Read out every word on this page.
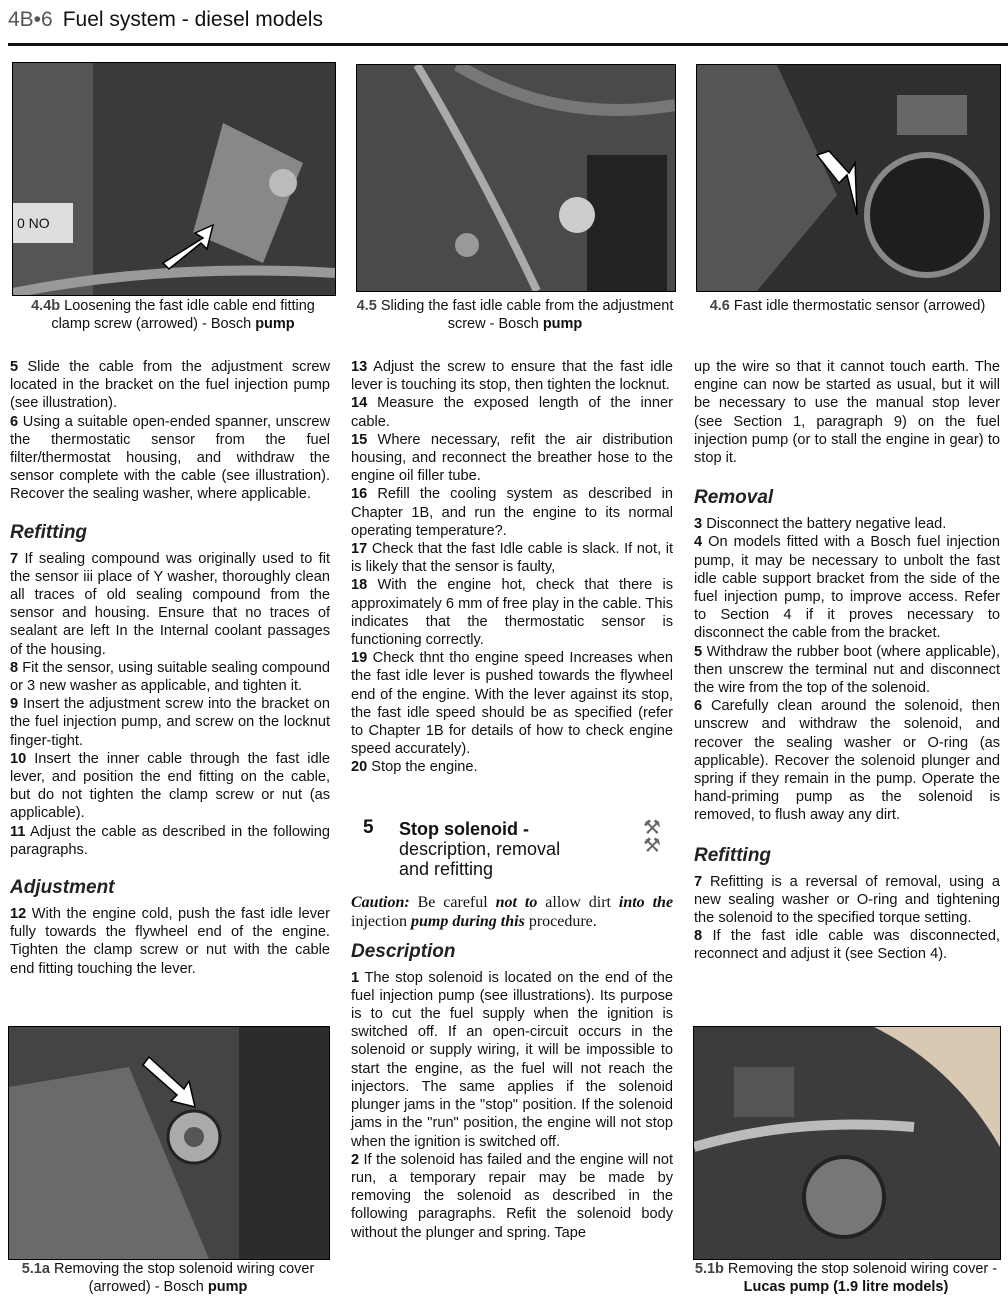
4B•6 Fuel system - diesel models
0 NO
4.4b Loosening the fast idle cable end fitting clamp screw (arrowed) - Bosch pump
4.5 Sliding the fast idle cable from the adjustment screw - Bosch pump
4.6 Fast idle thermostatic sensor (arrowed)

5 Slide the cable from the adjustment screw located in the bracket on the fuel injection pump (see illustration).

6 Using a suitable open-ended spanner, unscrew the thermostatic sensor from the fuel filter/thermostat housing, and withdraw the sensor complete with the cable (see illustration). Recover the sealing washer, where applicable.

Refitting

7 If sealing compound was originally used to fit the sensor iii place of Y washer, thoroughly clean all traces of old sealing compound from the sensor and housing. Ensure that no traces of sealant are left In the Internal coolant passages of the housing.

8 Fit the sensor, using suitable sealing compound or 3 new washer as applicable, and tighten it.

9 Insert the adjustment screw into the bracket on the fuel injection pump, and screw on the locknut finger-tight.

10 Insert the inner cable through the fast idle lever, and position the end fitting on the cable, but do not tighten the clamp screw or nut (as applicable).

11 Adjust the cable as described in the following paragraphs.

Adjustment

12 With the engine cold, push the fast idle lever fully towards the flywheel end of the engine. Tighten the clamp screw or nut with the cable end fitting touching the lever.

13 Adjust the screw to ensure that the fast idle lever is touching its stop, then tighten the locknut.

14 Measure the exposed length of the inner cable.

15 Where necessary, refit the air distribution housing, and reconnect the breather hose to the engine oil filler tube.

16 Refill the cooling system as described in Chapter 1B, and run the engine to its normal operating temperature?.

17 Check that the fast Idle cable is slack. If not, it is likely that the sensor is faulty,

18 With the engine hot, check that there is approximately 6 mm of free play in the cable. This indicates that the thermostatic sensor is functioning correctly.

19 Check thnt tho engine speed Increases when the fast idle lever is pushed towards the flywheel end of the engine. With the lever against its stop, the fast idle speed should be as specified (refer to Chapter 1B for details of how to check engine speed accurately).

20 Stop the engine.

5	Stop solenoid -
description, removal
and refitting
⚒
⚒
Caution: Be careful not to allow dirt into the injection pump during this procedure.
Description

1 The stop solenoid is located on the end of the fuel injection pump (see illustrations). Its purpose is to cut the fuel supply when the ignition is switched off. If an open-circuit occurs in the solenoid or supply wiring, it will be impossible to start the engine, as the fuel will not reach the injectors. The same applies if the solenoid plunger jams in the "stop" position. If the solenoid jams in the "run" position, the engine will not stop when the ignition is switched off.

2 If the solenoid has failed and the engine will not run, a temporary repair may be made by removing the solenoid as described in the following paragraphs. Refit the solenoid body without the plunger and spring. Tape

up the wire so that it cannot touch earth. The engine can now be started as usual, but it will be necessary to use the manual stop lever (see Section 1, paragraph 9) on the fuel injection pump (or to stall the engine in gear) to stop it.

Removal

3 Disconnect the battery negative lead.

4 On models fitted with a Bosch fuel injection pump, it may be necessary to unbolt the fast idle cable support bracket from the side of the fuel injection pump, to improve access. Refer to Section 4 if it proves necessary to disconnect the cable from the bracket.

5 Withdraw the rubber boot (where applicable), then unscrew the terminal nut and disconnect the wire from the top of the solenoid.

6 Carefully clean around the solenoid, then unscrew and withdraw the solenoid, and recover the sealing washer or O-ring (as applicable). Recover the solenoid plunger and spring if they remain in the pump. Operate the hand-priming pump as the solenoid is removed, to flush away any dirt.

Refitting

7 Refitting is a reversal of removal, using a new sealing washer or O-ring and tightening the solenoid to the specified torque setting.

8 If the fast idle cable was disconnected, reconnect and adjust it (see Section 4).

5.1a Removing the stop solenoid wiring cover (arrowed) - Bosch pump
5.1b Removing the stop solenoid wiring cover - Lucas pump (1.9 litre models)
